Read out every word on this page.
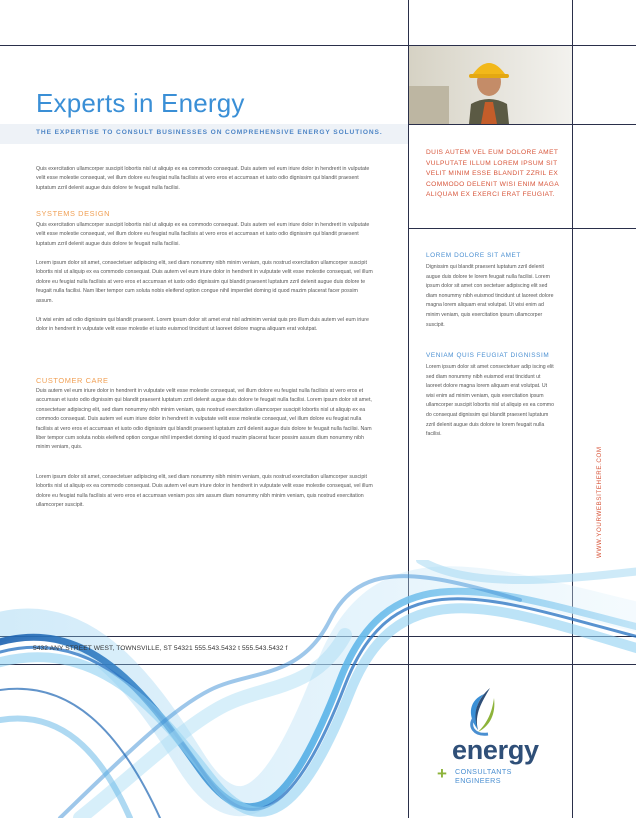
Experts in Energy
THE EXPERTISE TO CONSULT BUSINESSES ON COMPREHENSIVE ENERGY SOLUTIONS.
Quis exercitation ullamcorper suscipit lobortis nisl ut aliquip ex ea commodo consequat. Duis autem vel eum iriure dolor in hendrerit in vulputate velit esse molestie consequat, vel illum dolore eu feugiat nulla facilisis at vero eros et accumsan et iusto odio dignissim qui blandit praesent luptatum zzril delenit augue duis dolore te feugait nulla facilisi.
SYSTEMS DESIGN
Quis exercitation ullamcorper suscipit lobortis nisl ut aliquip ex ea commodo consequat. Duis autem vel eum iriure dolor in hendrerit in vulputate velit esse molestie consequat, vel illum dolore eu feugiat nulla facilisis at vero eros et accumsan et iusto odio dignissim qui blandit praesent luptatum zzril delenit augue duis dolore te feugait nulla facilisi.
Lorem ipsum dolor sit amet, consectetuer adipiscing elit, sed diam nonummy nibh minim veniam, quis nostrud exercitation ullamcorper suscipit lobortis nisl ut aliquip ex ea commodo consequat. Duis autem vel eum iriure dolor in hendrerit in vulputate velit esse molestie consequat, vel illum dolore eu feugiat nulla facilisis at vero eros et accumsan et iusto odio dignissim qui blandit praesent luptatum zzril delenit augue duis dolore te feugait nulla facilisi. Nam liber tempor cum soluta nobis eleifend option congue nihil imperdiet doming id quod mazim placerat facer possim assum.
Ut wisi enim ad odio dignissim qui blandit praesent. Lorem ipsum dolor sit amet erat nisl adminim veniat quis pro illum duis autem vel eum iriure dolor in hendrerit in vulputate velit esse molestie et iusto euismod tincidunt ut laoreet dolore magna aliquam erat volutpat.
CUSTOMER CARE
Duis autem vel eum iriure dolor in hendrerit in vulputate velit esse molestie consequat, vel illum dolore eu feugiat nulla facilisis at vero eros et accumsan et iusto odio dignissim qui blandit praesent luptatum zzril delenit augue duis dolore te feugait nulla facilisi. Lorem ipsum dolor sit amet, consectetuer adipiscing elit, sed diam nonummy nibh minim veniam, quis nostrud exercitation ullamcorper suscipit lobortis nisl ut aliquip ex ea commodo consequat. Duis autem vel eum iriure dolor in hendrerit in vulputate velit esse molestie consequat, vel illum dolore eu feugiat nulla facilisis at vero eros et accumsan et iusto odio dignissim qui blandit praesent luptatum zzril delenit augue duis dolore te feugait nulla facilisi. Nam liber tempor cum soluta nobis eleifend option congue nihil imperdiet doming id quod mazim placerat facer possim assum dium nonummy nibh minim veniam, quis.
Lorem ipsum dolor sit amet, consectetuer adipiscing elit, sed diam nonummy nibh minim veniam, quis nostrud exercitation ullamcorper suscipit lobortis nisl ut aliquip ex ea commodo consequat. Duis autem vel eum iriure dolor in hendrerit in vulputate velit esse molestie consequat, vel illum dolore eu feugiat nulla facilisis at vero eros et accumsan veniam pos sim assum diam nonummy nibh minim veniam, quis nostrud exercitation ullamcorper suscipit.
DUIS AUTEM VEL EUM DOLORE AMET VULPUTATE ILLUM LOREM IPSUM SIT VELIT MINIM ESSE BLANDIT ZZRIL EX COMMODO DELENIT WISI ENIM MAGA ALIQUAM EX EXERCI ERAT FEUGIAT.
LOREM DOLORE SIT AMET
Dignissim qui blandit praesent luptatum zzril delenit augue duis dolore te lorem feugait nulla facilisi. Lorem ipsum dolor sit amet con sectetuer adipiscing elit sed diam nonummy nibh euismod tincidunt ut laoreet dolore magna lorem aliquam erat volutpat. Ut wisi enim ad minim veniam, quis exercitation ipsum ullamcorper suscipit.
VENIAM QUIS FEUGIAT DIGNISSIM
Lorem ipsum dolor sit amet consectetuer adip iscing elit sed diam nonummy nibh euismod erat tincidunt ut laoreet dolore magna lorem aliquam erat volutpat. Ut wisi enim ad minim veniam, quis exercitation ipsum ullamcorper suscipit lobortis nisl ut aliquip ex ea commo do consequat dignissim qui blandit praesent luptatum zzril delenit augue duis dolore te lorem feugait nulla facilisi.
WWW.YOURWEBSITEHERE.COM
5432 ANY STREET WEST, TOWNSVILLE, ST 54321 555.543.5432 t 555.543.5432 f
energy
+ CONSULTANTS
ENGINEERS
